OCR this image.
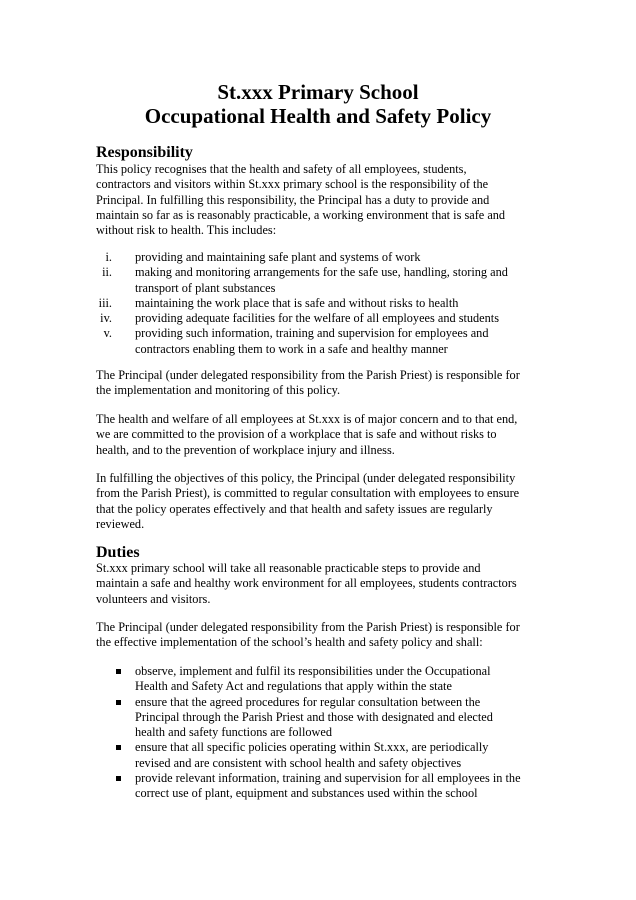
St.xxx Primary School
Occupational Health and Safety Policy
Responsibility
This policy recognises that the health and safety of all employees, students,
contractors and visitors within St.xxx primary school is the responsibility of the
Principal. In fulfilling this responsibility, the Principal has a duty to provide and
maintain so far as is reasonably practicable, a working environment that is safe and
without risk to health. This includes:
i. providing and maintaining safe plant and systems of work
ii. making and monitoring arrangements for the safe use, handling, storing and
transport of plant substances
iii. maintaining the work place that is safe and without risks to health
iv. providing adequate facilities for the welfare of all employees and students
v. providing such information, training and supervision for employees and
contractors enabling them to work in a safe and healthy manner
The Principal (under delegated responsibility from the Parish Priest) is responsible for
the implementation and monitoring of this policy.
The health and welfare of all employees at St.xxx is of major concern and to that end,
we are committed to the provision of a workplace that is safe and without risks to
health, and to the prevention of workplace injury and illness.
In fulfilling the objectives of this policy, the Principal (under delegated responsibility
from the Parish Priest), is committed to regular consultation with employees to ensure
that the policy operates effectively and that health and safety issues are regularly
reviewed.
Duties
St.xxx primary school will take all reasonable practicable steps to provide and
maintain a safe and healthy work environment for all employees, students contractors
volunteers and visitors.
The Principal (under delegated responsibility from the Parish Priest) is responsible for
the effective implementation of the school’s health and safety policy and shall:
observe, implement and fulfil its responsibilities under the Occupational
Health and Safety Act and regulations that apply within the state
ensure that the agreed procedures for regular consultation between the
Principal through the Parish Priest and those with designated and elected
health and safety functions are followed
ensure that all specific policies operating within St.xxx, are periodically
revised and are consistent with school health and safety objectives
provide relevant information, training and supervision for all employees in the
correct use of plant, equipment and substances used within the school
